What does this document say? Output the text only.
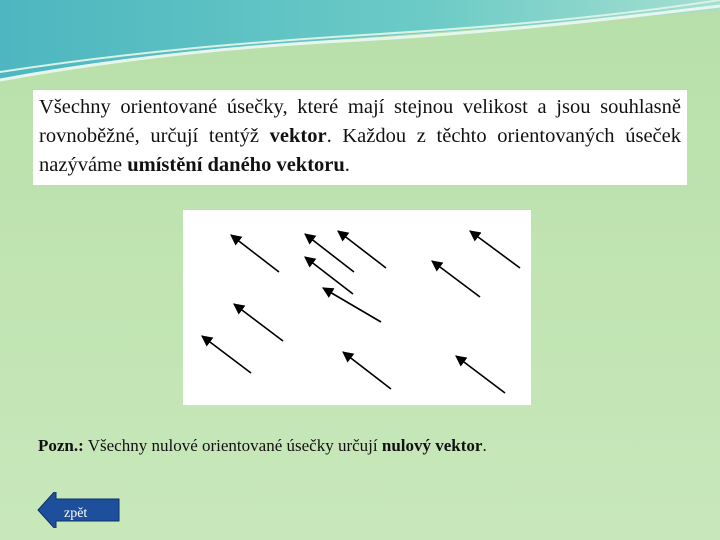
Všechny orientované úsečky, které mají stejnou velikost a jsou souhlasně rovnoběžné, určují tentýž vektor. Každou z těchto orientovaných úseček nazýváme umístění daného vektoru.
Pozn.: Všechny nulové orientované úsečky určují nulový vektor.
zpět
